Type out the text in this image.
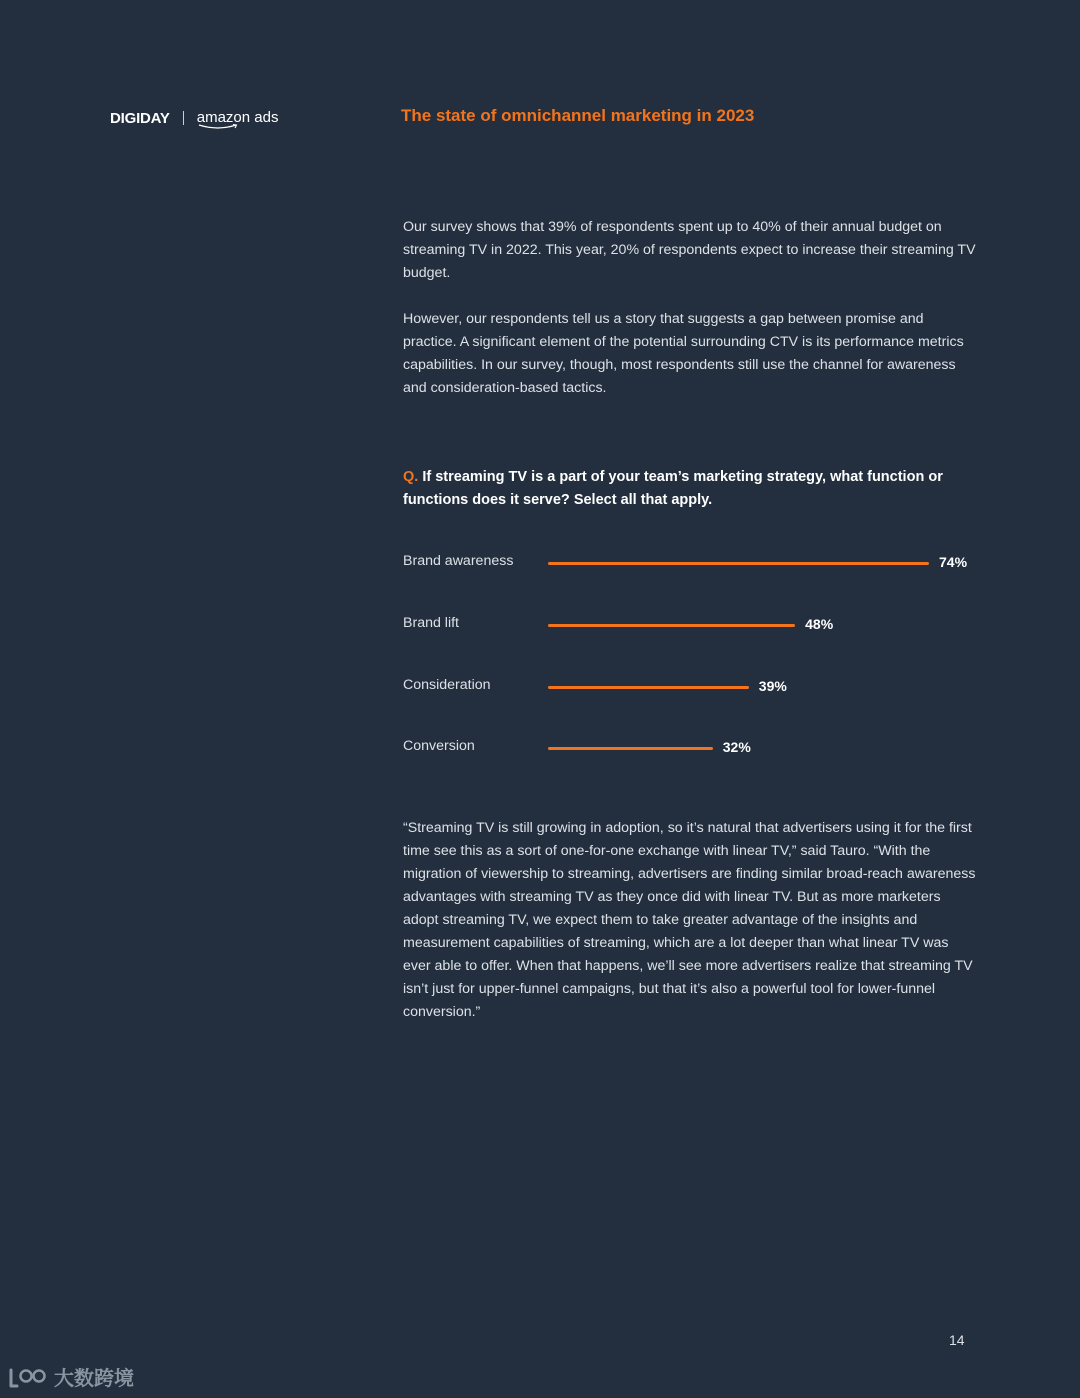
DIGIDAY amazon ads	The state of omnichannel marketing in 2023

Our survey shows that 39% of respondents spent up to 40% of their annual budget on streaming TV in 2022. This year, 20% of respondents expect to increase their streaming TV budget.

However, our respondents tell us a story that suggests a gap between promise and practice. A significant element of the potential surrounding CTV is its performance metrics capabilities. In our survey, though, most respondents still use the channel for awareness and consideration-based tactics.

Q. If streaming TV is a part of your team’s marketing strategy, what function or functions does it serve? Select all that apply.

Brand awareness	74%
Brand lift	48%
Consideration	39%
Conversion	32%

“Streaming TV is still growing in adoption, so it’s natural that advertisers using it for the first time see this as a sort of one-for-one exchange with linear TV,” said Tauro. “With the migration of viewership to streaming, advertisers are finding similar broad-reach awareness advantages with streaming TV as they once did with linear TV. But as more marketers adopt streaming TV, we expect them to take greater advantage of the insights and measurement capabilities of streaming, which are a lot deeper than what linear TV was ever able to offer. When that happens, we’ll see more advertisers realize that streaming TV isn’t just for upper-funnel campaigns, but that it’s also a powerful tool for lower-funnel conversion.”

14
大数跨境
